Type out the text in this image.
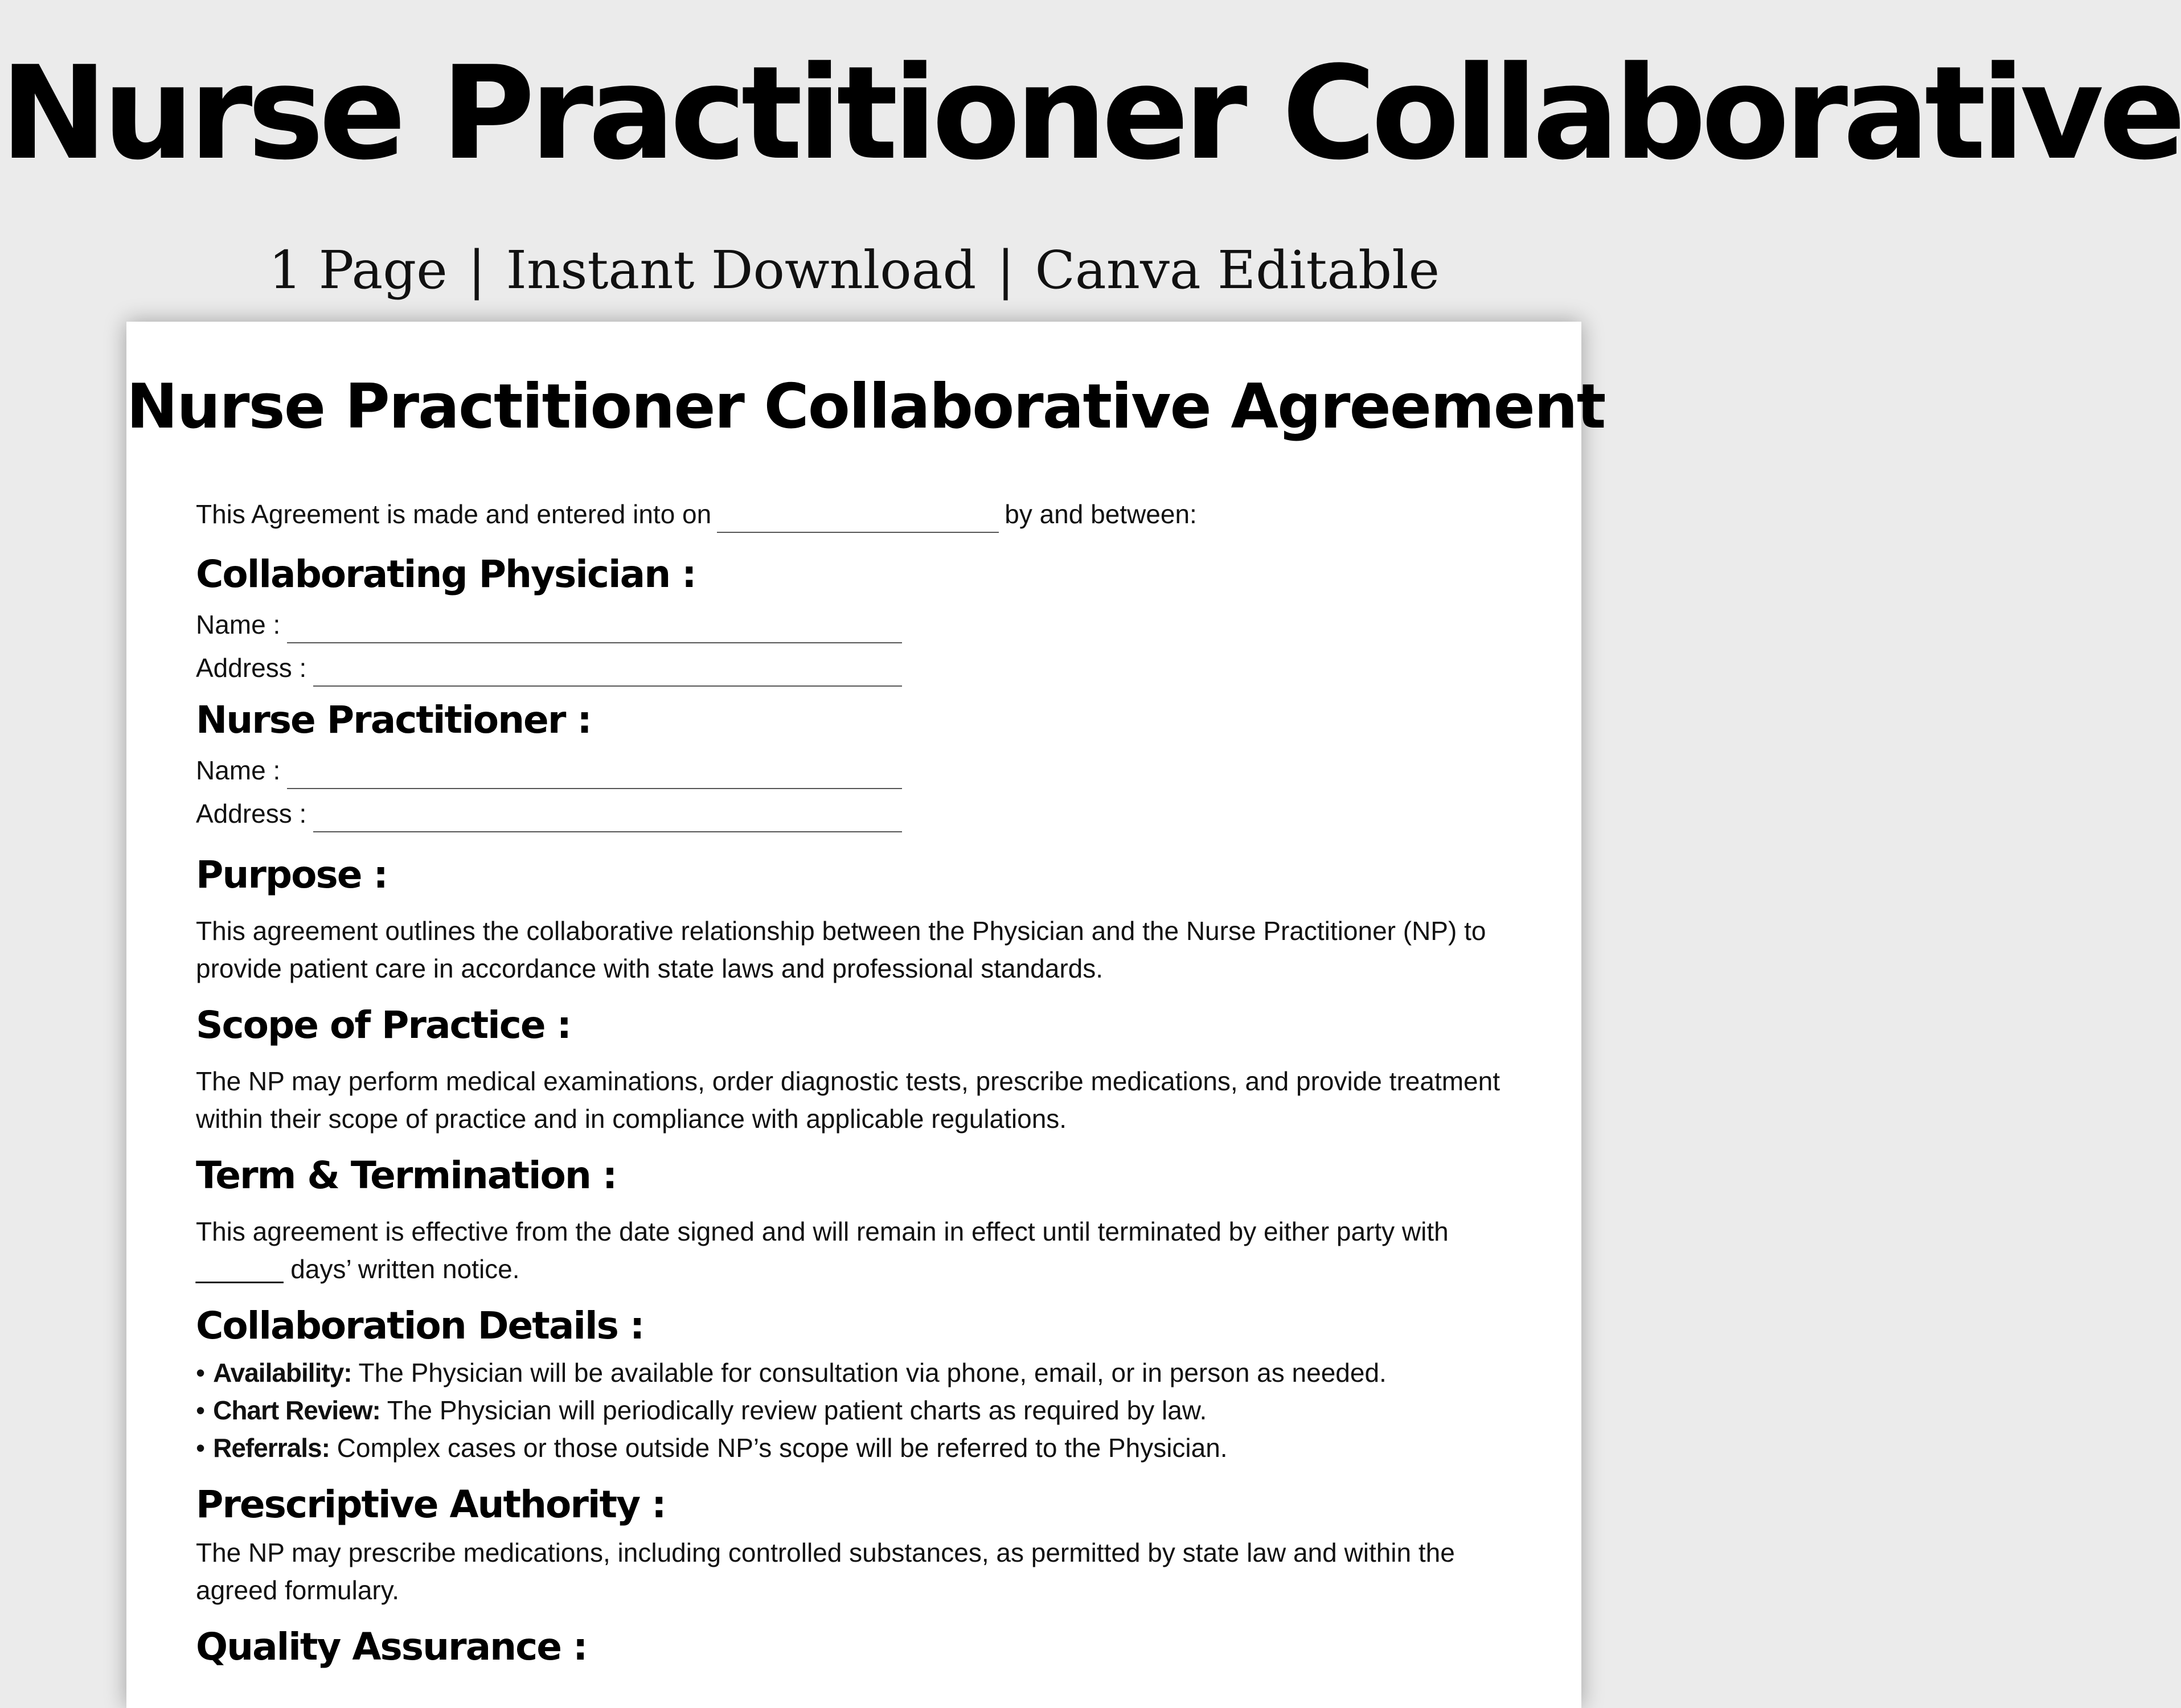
Nurse Practitioner Collaborative
1 Page | Instant Download | Canva Editable
Nurse Practitioner Collaborative Agreement
This Agreement is made and entered into on	by and between:
Collaborating Physician :
Name :
Address :
Nurse Practitioner :
Name :
Address :
Purpose :
This agreement outlines the collaborative relationship between the Physician and the Nurse Practitioner (NP) to provide patient care in accordance with state laws and professional standards.
Scope of Practice :
The NP may perform medical examinations, order diagnostic tests, prescribe medications, and provide treatment within their scope of practice and in compliance with applicable regulations.
Term & Termination :
This agreement is effective from the date signed and will remain in effect until terminated by either party with ______ days’ written notice.
Collaboration Details :
• Availability: The Physician will be available for consultation via phone, email, or in person as needed.
• Chart Review: The Physician will periodically review patient charts as required by law.
• Referrals: Complex cases or those outside NP’s scope will be referred to the Physician.
Prescriptive Authority :
The NP may prescribe medications, including controlled substances, as permitted by state law and within the agreed formulary.
Quality Assurance :
